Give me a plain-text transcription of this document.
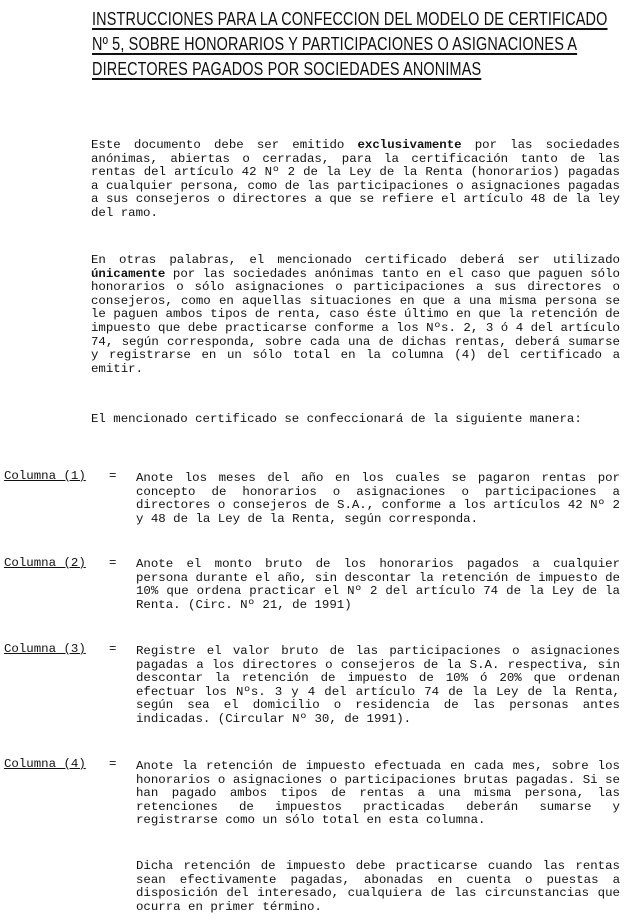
INSTRUCCIONES PARA LA CONFECCION DEL MODELO DE CERTIFICADO
Nº 5, SOBRE HONORARIOS Y PARTICIPACIONES O ASIGNACIONES A
DIRECTORES PAGADOS POR SOCIEDADES ANONIMAS

Este documento debe ser emitido exclusivamente por las sociedades anónimas, abiertas o cerradas, para la certificación tanto de las rentas del artículo 42 Nº 2 de la Ley de la Renta (honorarios) pagadas a cualquier persona, como de las participaciones o asignaciones pagadas a sus consejeros o directores a que se refiere el artículo 48 de la ley del ramo.

En otras palabras, el mencionado certificado deberá ser utilizado únicamente por las sociedades anónimas tanto en el caso que paguen sólo honorarios o sólo asignaciones o participaciones a sus directores o consejeros, como en aquellas situaciones en que a una misma persona se le paguen ambos tipos de renta, caso éste último en que la retención de impuesto que debe practicarse conforme a los Nºs. 2, 3 ó 4 del artículo 74, según corresponda, sobre cada una de dichas rentas, deberá sumarse y registrarse en un sólo total en la columna (4) del certificado a emitir.

El mencionado certificado se confeccionará de la siguiente manera:

Columna (1) = Anote los meses del año en los cuales se pagaron rentas por concepto de honorarios o asignaciones o participaciones a directores o consejeros de S.A., conforme a los artículos 42 Nº 2 y 48 de la Ley de la Renta, según corresponda.

Columna (2) = Anote el monto bruto de los honorarios pagados a cualquier persona durante el año, sin descontar la retención de impuesto de 10% que ordena practicar el Nº 2 del artículo 74 de la Ley de la Renta. (Circ. Nº 21, de 1991)

Columna (3) = Registre el valor bruto de las participaciones o asignaciones pagadas a los directores o consejeros de la S.A. respectiva, sin descontar la retención de impuesto de 10% ó 20% que ordenan efectuar los Nºs. 3 y 4 del artículo 74 de la Ley de la Renta, según sea el domicilio o residencia de las personas antes indicadas. (Circular Nº 30, de 1991).

Columna (4) = Anote la retención de impuesto efectuada en cada mes, sobre los honorarios o asignaciones o participaciones brutas pagadas. Si se han pagado ambos tipos de rentas a una misma persona, las retenciones de impuestos practicadas deberán sumarse y registrarse como un sólo total en esta columna.

Dicha retención de impuesto debe practicarse cuando las rentas sean efectivamente pagadas, abonadas en cuenta o puestas a disposición del interesado, cualquiera de las circunstancias que ocurra en primer término.
